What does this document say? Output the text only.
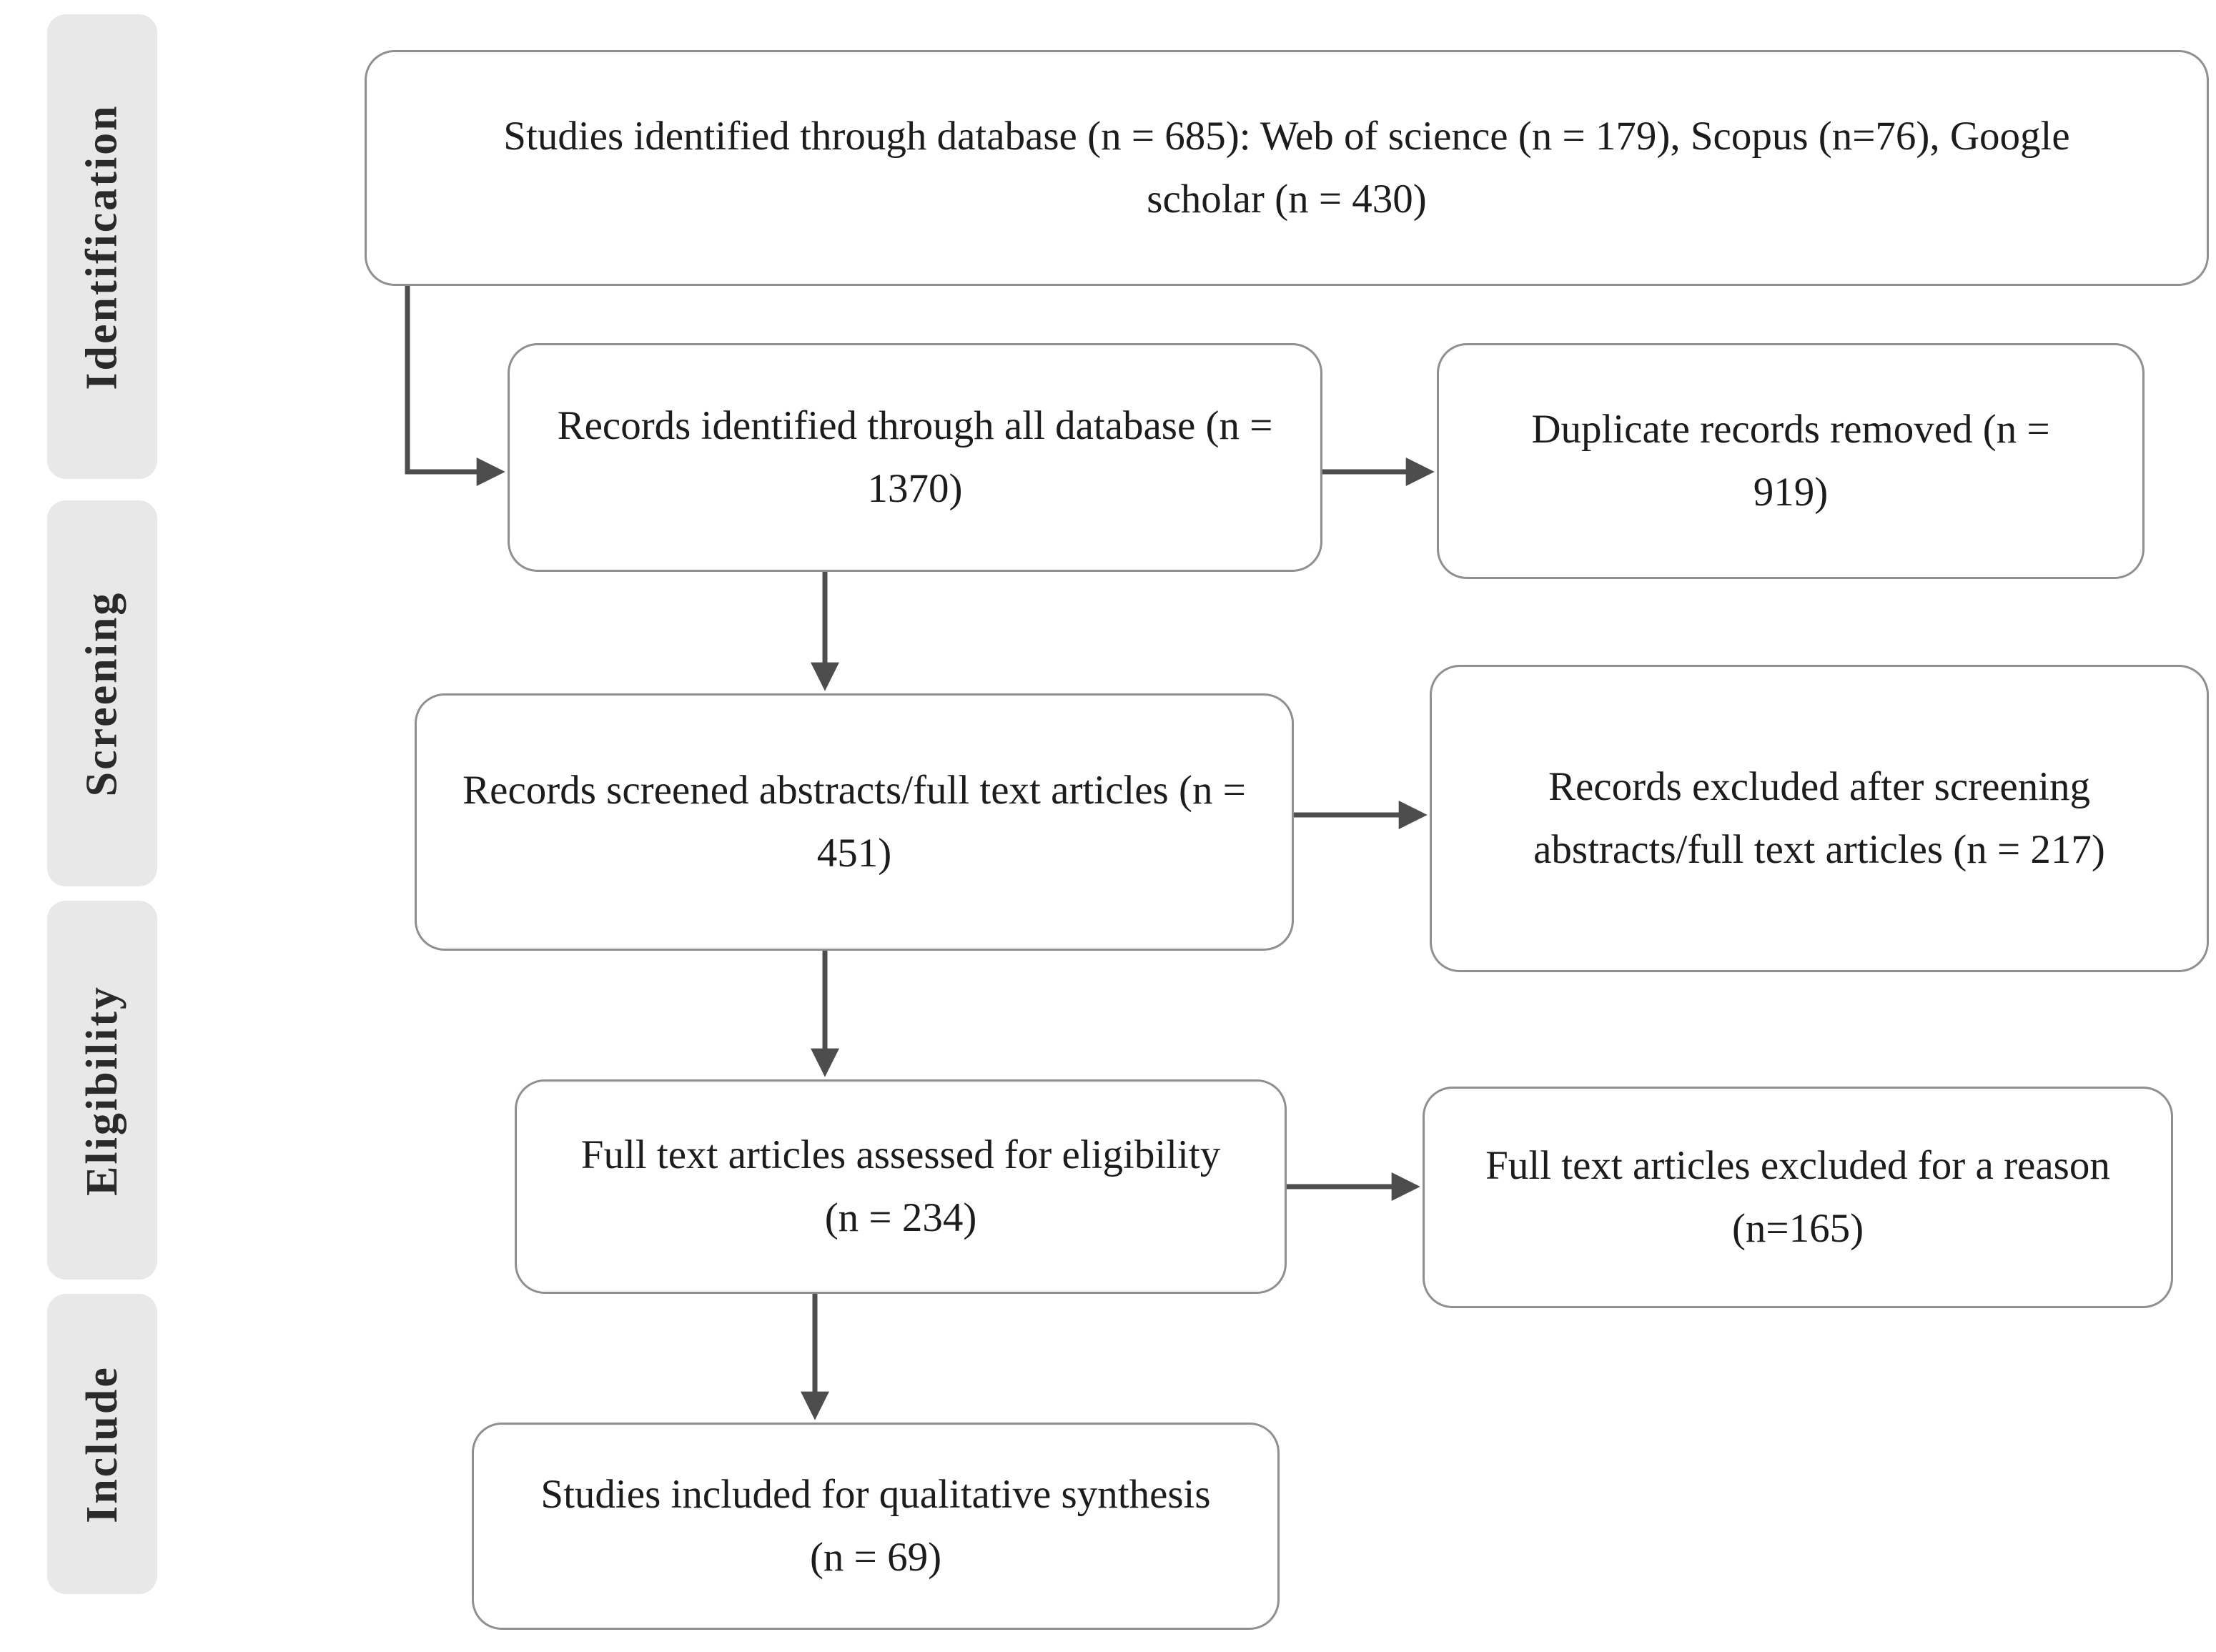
Identification
Screening
Eligibility
Include
Studies identified through database (n = 685): Web of science (n = 179), Scopus (n=76), Google scholar (n = 430)
Records identified through all database (n = 1370)
Duplicate records removed (n = 919)
Records screened abstracts/full text articles (n = 451)
Records excluded after screening abstracts/full text articles (n = 217)
Full text articles assessed for eligibility (n = 234)
Full text articles excluded for a reason (n=165)
Studies included for qualitative synthesis (n = 69)
